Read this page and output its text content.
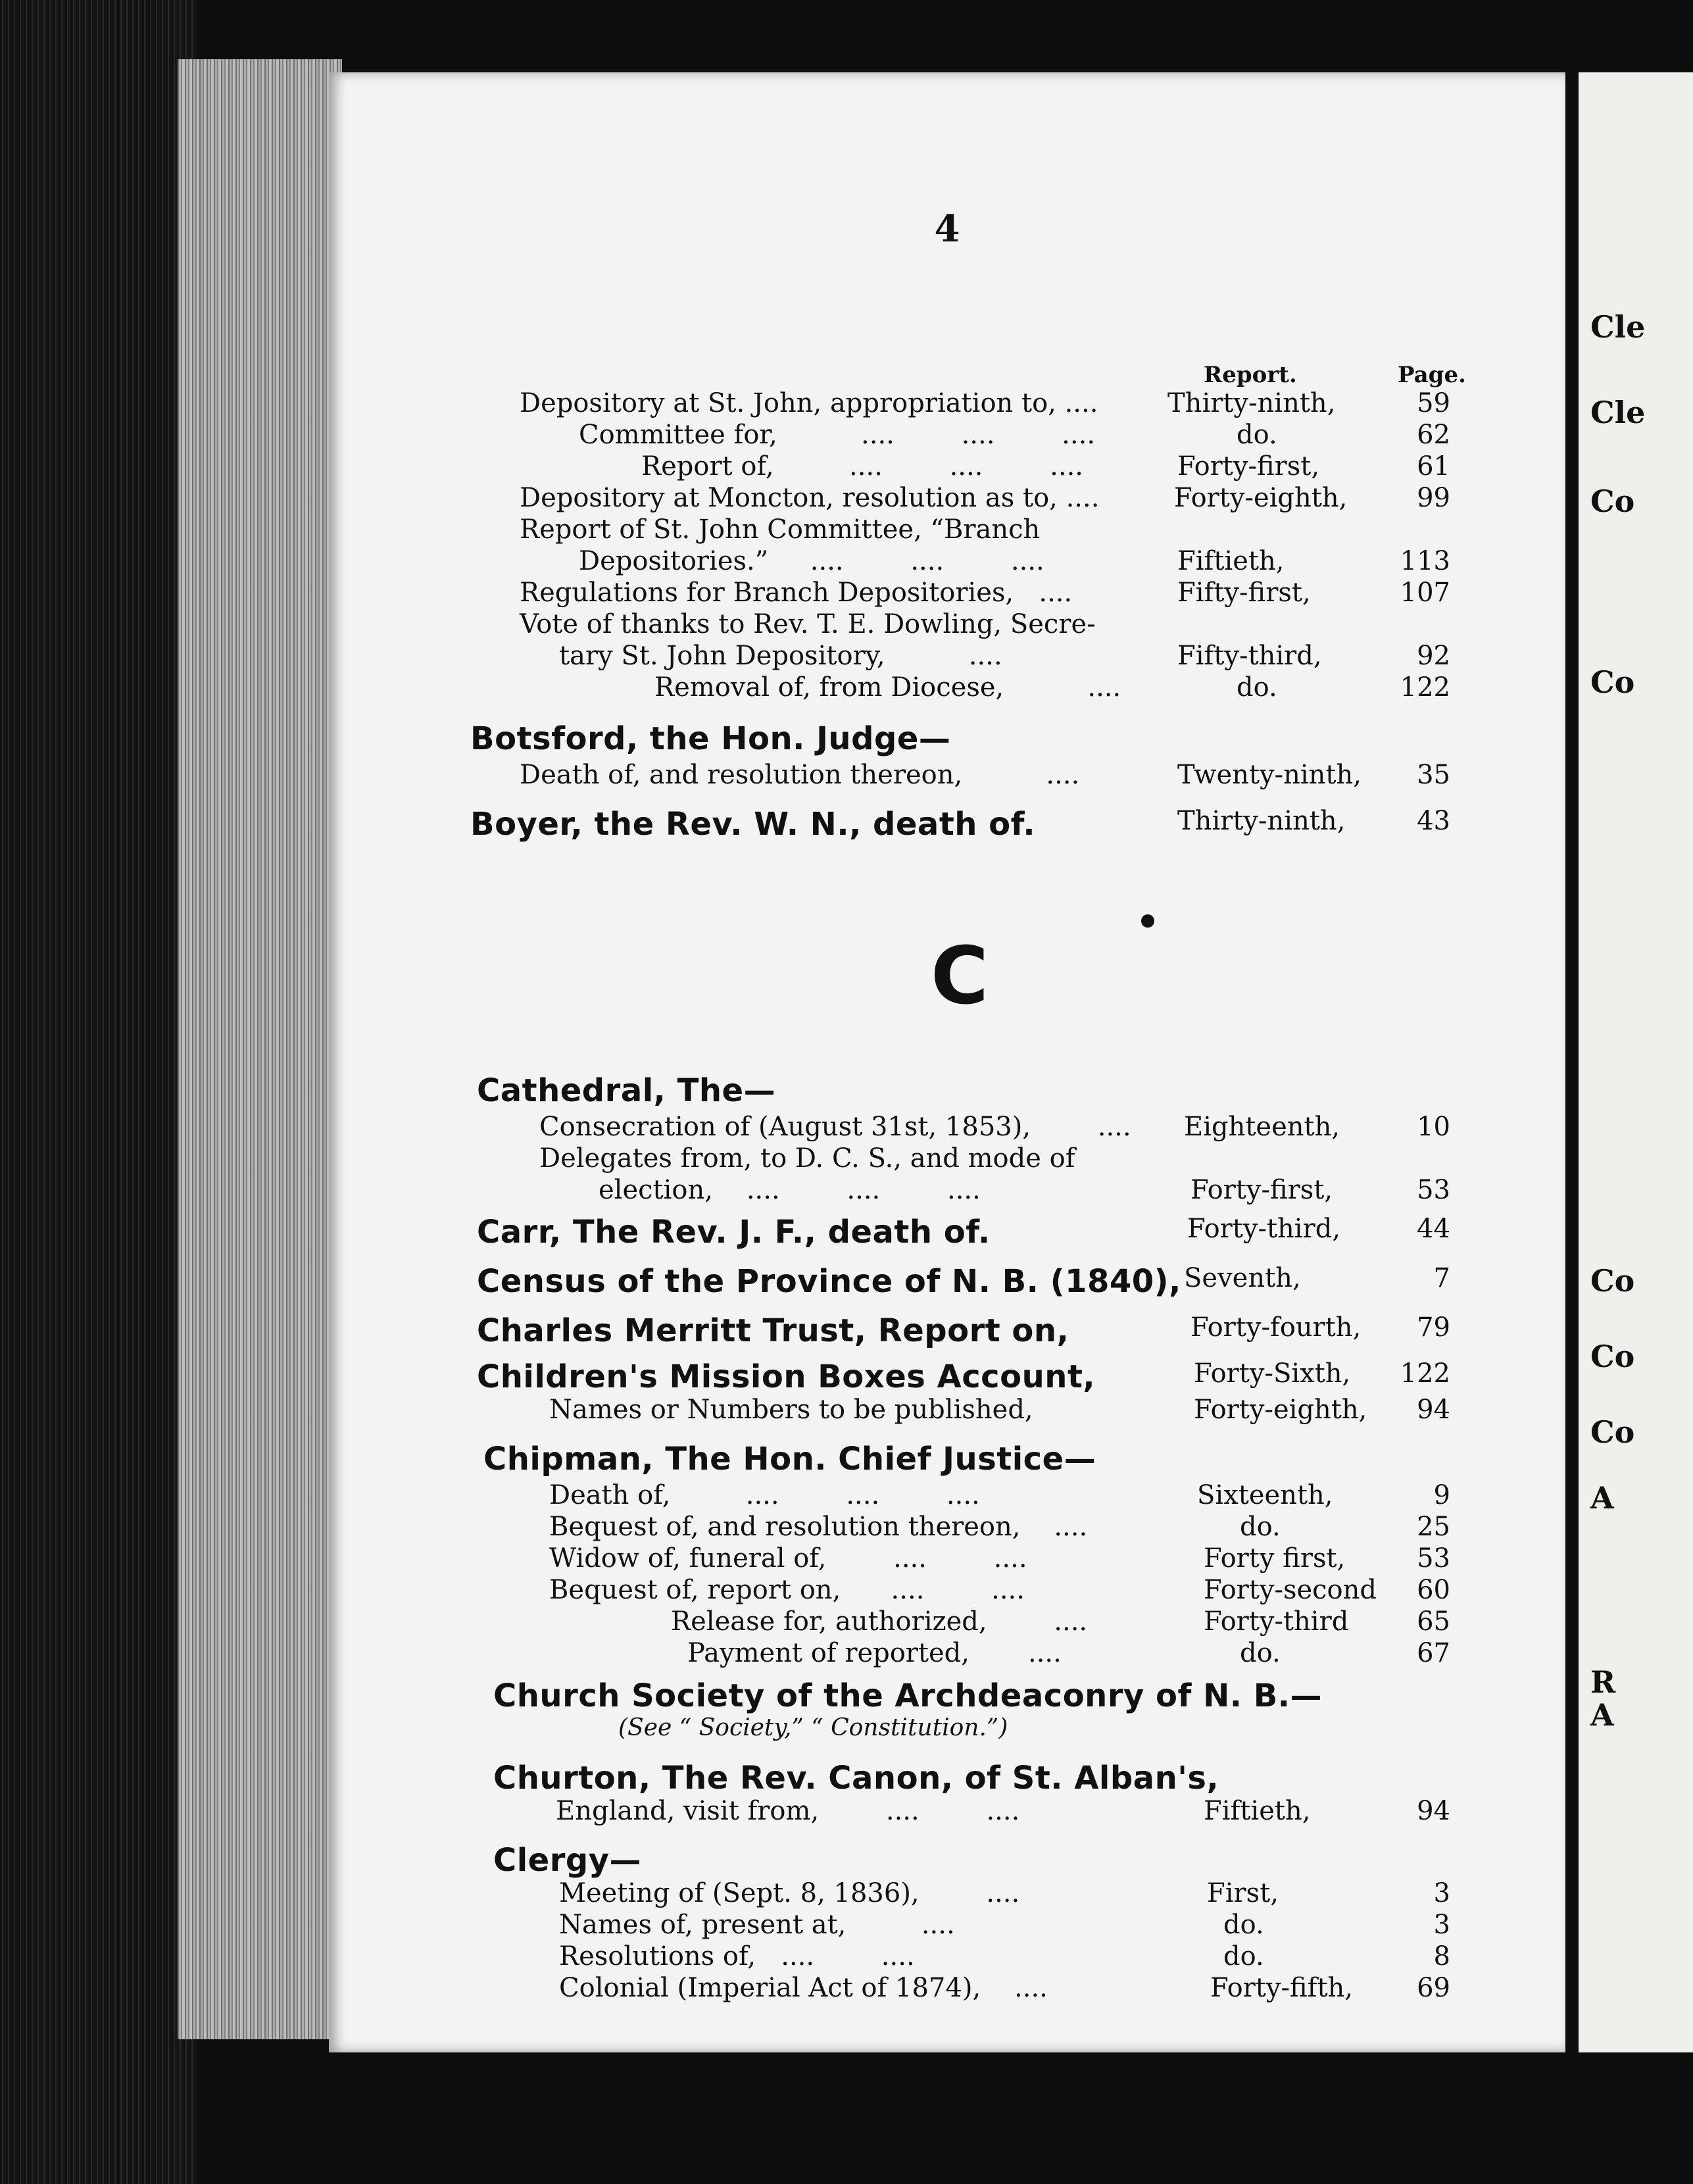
Cle
Cle
Co
Co
Co
Co
Co
A
R
A
4
Report.	Page.
Depository at St. John, appropriation to, ....	Thirty-ninth,	59
Committee for,          ....        ....        ....	do.	62
Report of,         ....        ....        ....	Forty-first,	61
Depository at Moncton, resolution as to, ....	Forty-eighth,	99
Report of St. John Committee, “Branch
Depositories.”     ....        ....        ....	Fiftieth,	113
Regulations for Branch Depositories,   ....	Fifty-first,	107
Vote of thanks to Rev. T. E. Dowling, Secre-
tary St. John Depository,          ....	Fifty-third,	92
Removal of, from Diocese,          ....	do.	122
Botsford, the Hon. Judge—
Death of, and resolution thereon,          ....	Twenty-ninth,	35
Boyer, the Rev. W. N., death of.	Thirty-ninth,	43
C
Cathedral, The—
Consecration of (August 31st, 1853),        .... Eighteenth,	10
Delegates from, to D. C. S., and mode of
election,    ....        ....        ....	Forty-first,	53
Carr, The Rev. J. F., death of.	Forty-third,	44
Census of the Province of N. B. (1840), Seventh,	7
Charles Merritt Trust, Report on,	Forty-fourth,	79
Children's Mission Boxes Account,	Forty-Sixth,	122
Names or Numbers to be published,	Forty-eighth,	94
Chipman, The Hon. Chief Justice—
Death of,         ....        ....        ....	Sixteenth,	9
Bequest of, and resolution thereon,    ....	do.	25
Widow of, funeral of,        ....        ....	Forty first,	53
Bequest of, report on,      ....        ....	Forty-second	60
Release for, authorized,        ....	Forty-third	65
Payment of reported,       ....	do.	67
Church Society of the Archdeaconry of N. B.—
(See “ Society,” “ Constitution.”)
Churton, The Rev. Canon, of St. Alban's,
England, visit from,        ....        ....	Fiftieth,	94
Clergy—
Meeting of (Sept. 8, 1836),        ....	First,	3
Names of, present at,         ....	do.	3
Resolutions of,   ....        ....	do.	8
Colonial (Imperial Act of 1874),    ....	Forty-fifth,	69
